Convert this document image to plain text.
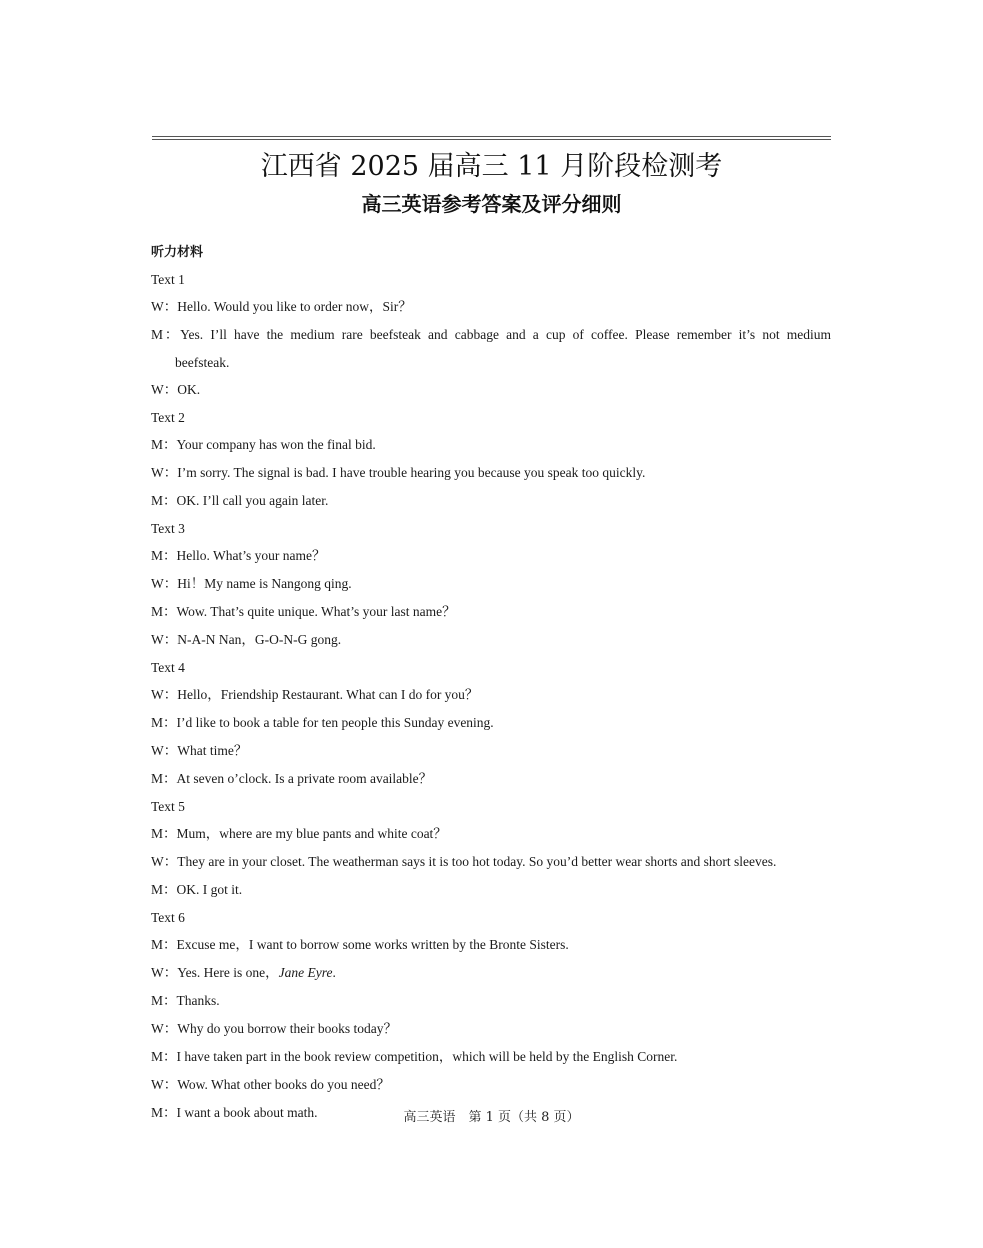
江西省 2025 届高三 11 月阶段检测考
高三英语参考答案及评分细则
听力材料
Text 1
W：Hello. Would you like to order now，Sir？
M：Yes. I’ll have the medium rare beefsteak and cabbage and a cup of coffee. Please remember it’s not medium
beefsteak.
W：OK.
Text 2
M：Your company has won the final bid.
W：I’m sorry. The signal is bad. I have trouble hearing you because you speak too quickly.
M：OK. I’ll call you again later.
Text 3
M：Hello. What’s your name？
W：Hi！My name is Nangong qing.
M：Wow. That’s quite unique. What’s your last name？
W：N-A-N Nan，G-O-N-G gong.
Text 4
W：Hello，Friendship Restaurant. What can I do for you？
M：I’d like to book a table for ten people this Sunday evening.
W：What time？
M：At seven o’clock. Is a private room available？
Text 5
M：Mum，where are my blue pants and white coat？
W：They are in your closet. The weatherman says it is too hot today. So you’d better wear shorts and short sleeves.
M：OK. I got it.
Text 6
M：Excuse me，I want to borrow some works written by the Bronte Sisters.
W：Yes. Here is one，Jane Eyre.
M：Thanks.
W：Why do you borrow their books today？
M：I have taken part in the book review competition，which will be held by the English Corner.
W：Wow. What other books do you need？
M：I want a book about math.	高三英语　第 1 页（共 8 页）
